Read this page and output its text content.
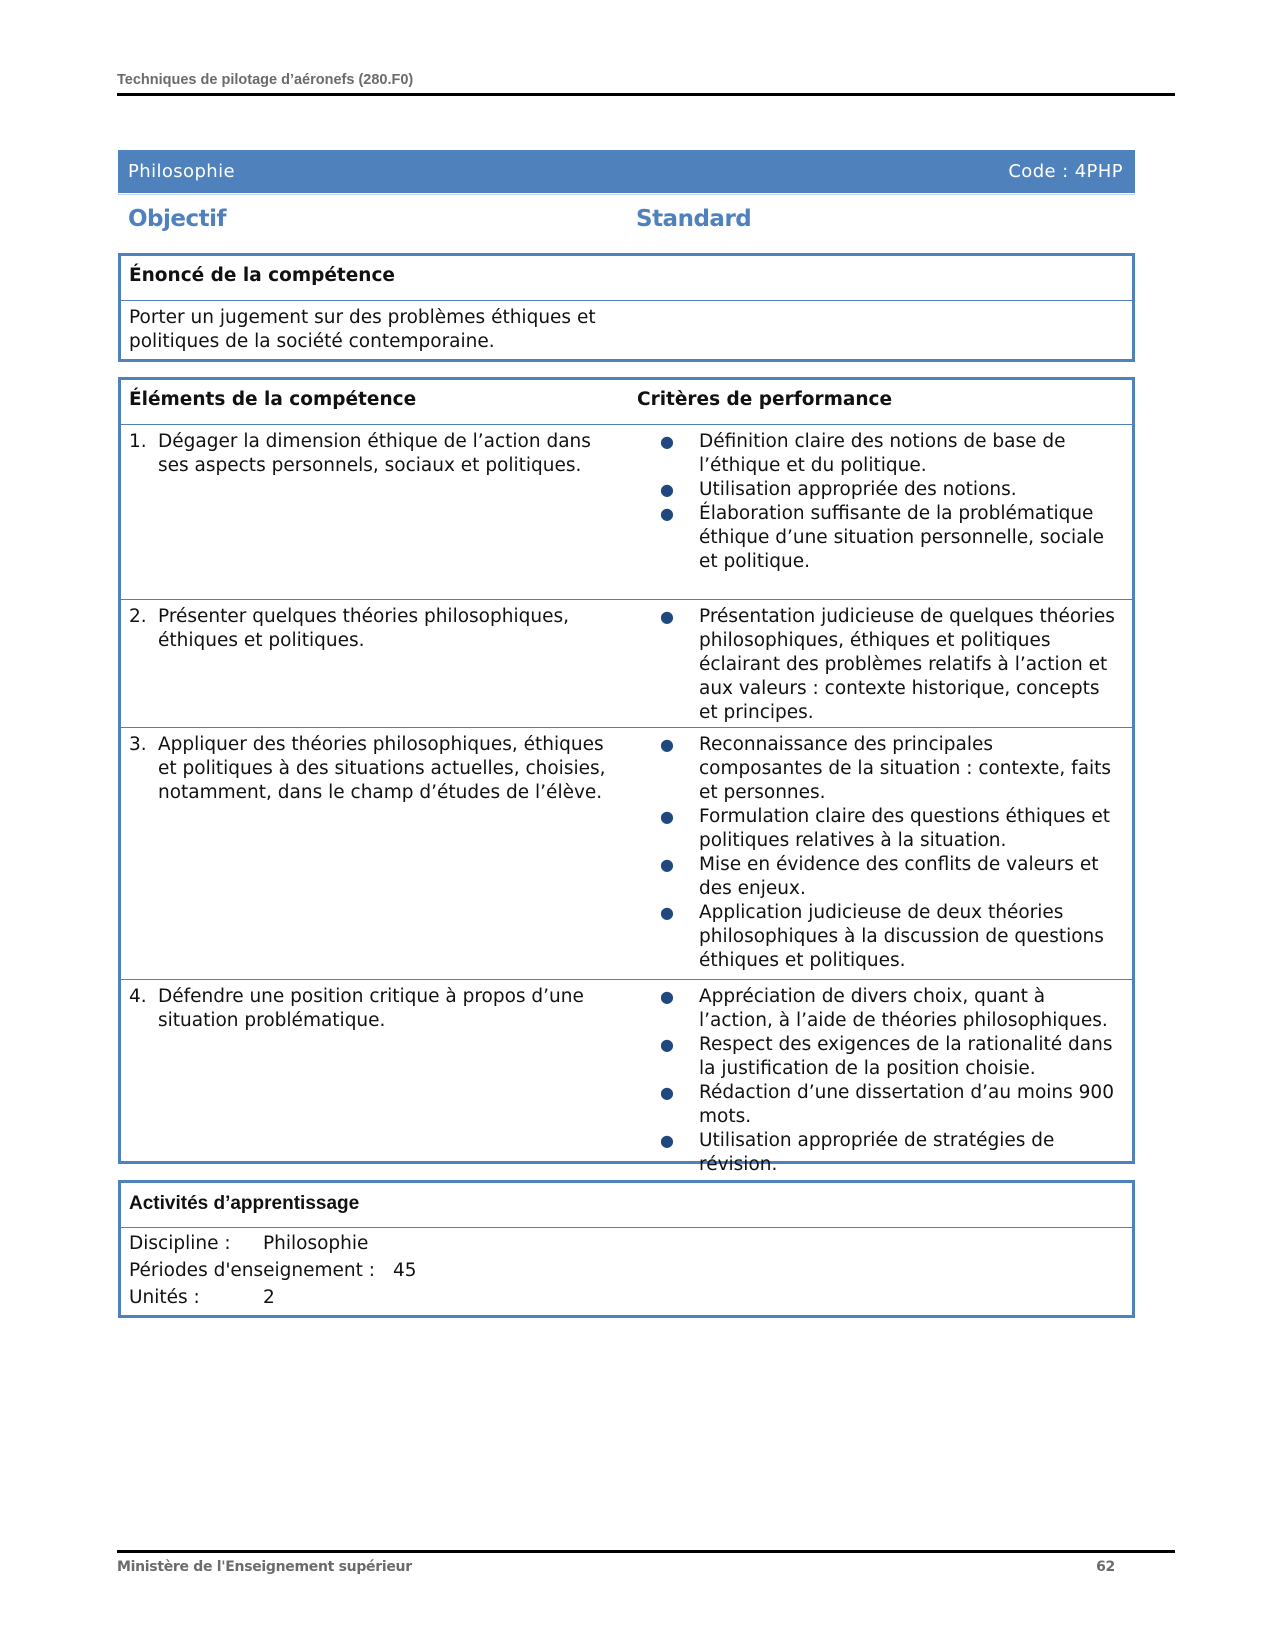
Techniques de pilotage d’aéronefs (280.F0)
Philosophie	Code : 4PHP
Objectif	Standard
Énoncé de la compétence
Porter un jugement sur des problèmes éthiques et
politiques de la société contemporaine.
Éléments de la compétence	Critères de performance
1. Dégager la dimension éthique de l’action dans ses aspects personnels, sociaux et politiques.
●	Définition claire des notions de base de l’éthique et du politique.
●	Utilisation appropriée des notions.
●	Élaboration suffisante de la problématique éthique d’une situation personnelle, sociale et politique.
2. Présenter quelques théories philosophiques, éthiques et politiques.
●	Présentation judicieuse de quelques théories philosophiques, éthiques et politiques éclairant des problèmes relatifs à l’action et aux valeurs : contexte historique, concepts et principes.
3. Appliquer des théories philosophiques, éthiques et politiques à des situations actuelles, choisies, notamment, dans le champ d’études de l’élève.
●	Reconnaissance des principales composantes de la situation : contexte, faits et personnes.
●	Formulation claire des questions éthiques et politiques relatives à la situation.
●	Mise en évidence des conflits de valeurs et des enjeux.
●	Application judicieuse de deux théories philosophiques à la discussion de questions éthiques et politiques.
4. Défendre une position critique à propos d’une situation problématique.
●	Appréciation de divers choix, quant à l’action, à l’aide de théories philosophiques.
●	Respect des exigences de la rationalité dans la justification de la position choisie.
●	Rédaction d’une dissertation d’au moins 900 mots.
●	Utilisation appropriée de stratégies de révision.
Activités d’apprentissage
Discipline :	Philosophie
Périodes d'enseignement : 45
Unités :	2
Ministère de l'Enseignement supérieur	62
